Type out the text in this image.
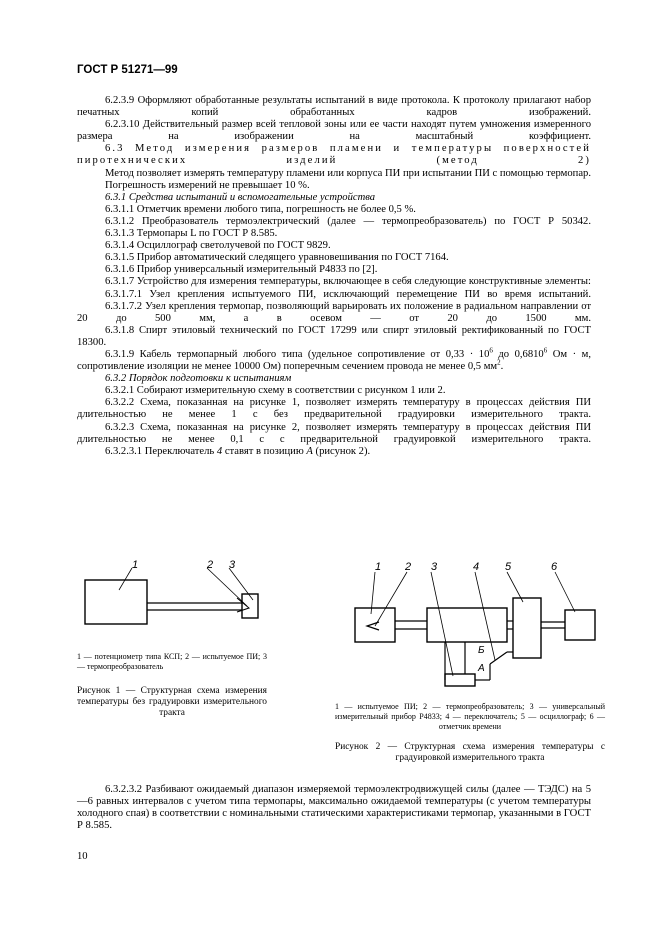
ГОСТ Р 51271—99

6.2.3.9 Оформляют обработанные результаты испытаний в виде протокола. К протоколу прилагают набор печатных копий обработанных кадров изображений.

6.2.3.10 Действительный размер всей тепловой зоны или ее части находят путем умножения измеренного размера на изображении на масштабный коэффициент.

6.3 Метод измерения размеров пламени и температуры поверхностей пиротехнических изделий (метод 2)

Метод позволяет измерять температуру пламени или корпуса ПИ при испытании ПИ с помощью термопар.

Погрешность измерений не превышает 10 %.

6.3.1 Средства испытаний и вспомогательные устройства

6.3.1.1 Отметчик времени любого типа, погрешность не более 0,5 %.

6.3.1.2 Преобразователь термоэлектрический (далее — термопреобразователь) по ГОСТ Р 50342.

6.3.1.3 Термопары L по ГОСТ Р 8.585.

6.3.1.4 Осциллограф светолучевой по ГОСТ 9829.

6.3.1.5 Прибор автоматический следящего уравновешивания по ГОСТ 7164.

6.3.1.6 Прибор универсальный измерительный Р4833 по [2].

6.3.1.7 Устройство для измерения температуры, включающее в себя следующие конструктивные элементы:

6.3.1.7.1 Узел крепления испытуемого ПИ, исключающий перемещение ПИ во время испытаний.

6.3.1.7.2 Узел крепления термопар, позволяющий варьировать их положение в радиальном направлении от 20 до 500 мм, а в осевом — от 20 до 1500 мм.

6.3.1.8 Спирт этиловый технический по ГОСТ 17299 или спирт этиловый ректификованный по ГОСТ 18300.

6.3.1.9 Кабель термопарный любого типа (удельное сопротивление от $0,33 \cdot 10^6$ до 0,6810$^6$ Ом · м, сопротивление изоляции не менее 10000 Ом) поперечным сечением провода не менее 0,5 $мм^2$.

6.3.2 Порядок подготовки к испытаниям

6.3.2.1 Собирают измерительную схему в соответствии с рисунком 1 или 2.

6.3.2.2 Схема, показанная на рисунке 1, позволяет измерять температуру в процессах действия ПИ длительностью не менее 1 с без предварительной градуировки измерительного тракта.

6.3.2.3 Схема, показанная на рисунке 2, позволяет измерять температуру в процессах действия ПИ длительностью не менее 0,1 с с предварительной градуировкой измерительного тракта.

6.3.2.3.1 Переключатель 4 ставят в позицию А (рисунок 2).

1	2 3
1 — потенциометр типа КСП; 2 — испытуемое ПИ; 3 — термопреобразователь
Рисунок 1 — Структурная схема измерения температуры без градуировки измерительного тракта
Б
А
1 2 3	4 5	6
1 — испытуемое ПИ; 2 — термопреобразователь; 3 — универсальный измерительный прибор Р4833; 4 — переключатель; 5 — осциллограф; 6 — отметчик времени
Рисунок 2 — Структурная схема измерения температуры с градуировкой измерительного тракта

6.3.2.3.2 Разбивают ожидаемый диапазон измеряемой термоэлектродвижущей силы (далее — ТЭДС) на 5—6 равных интервалов с учетом типа термопары, максимально ожидаемой температуры (с учетом температуры холодного спая) в соответствии с номинальными статическими характеристиками термопар, указанными в ГОСТ Р 8.585.

10
